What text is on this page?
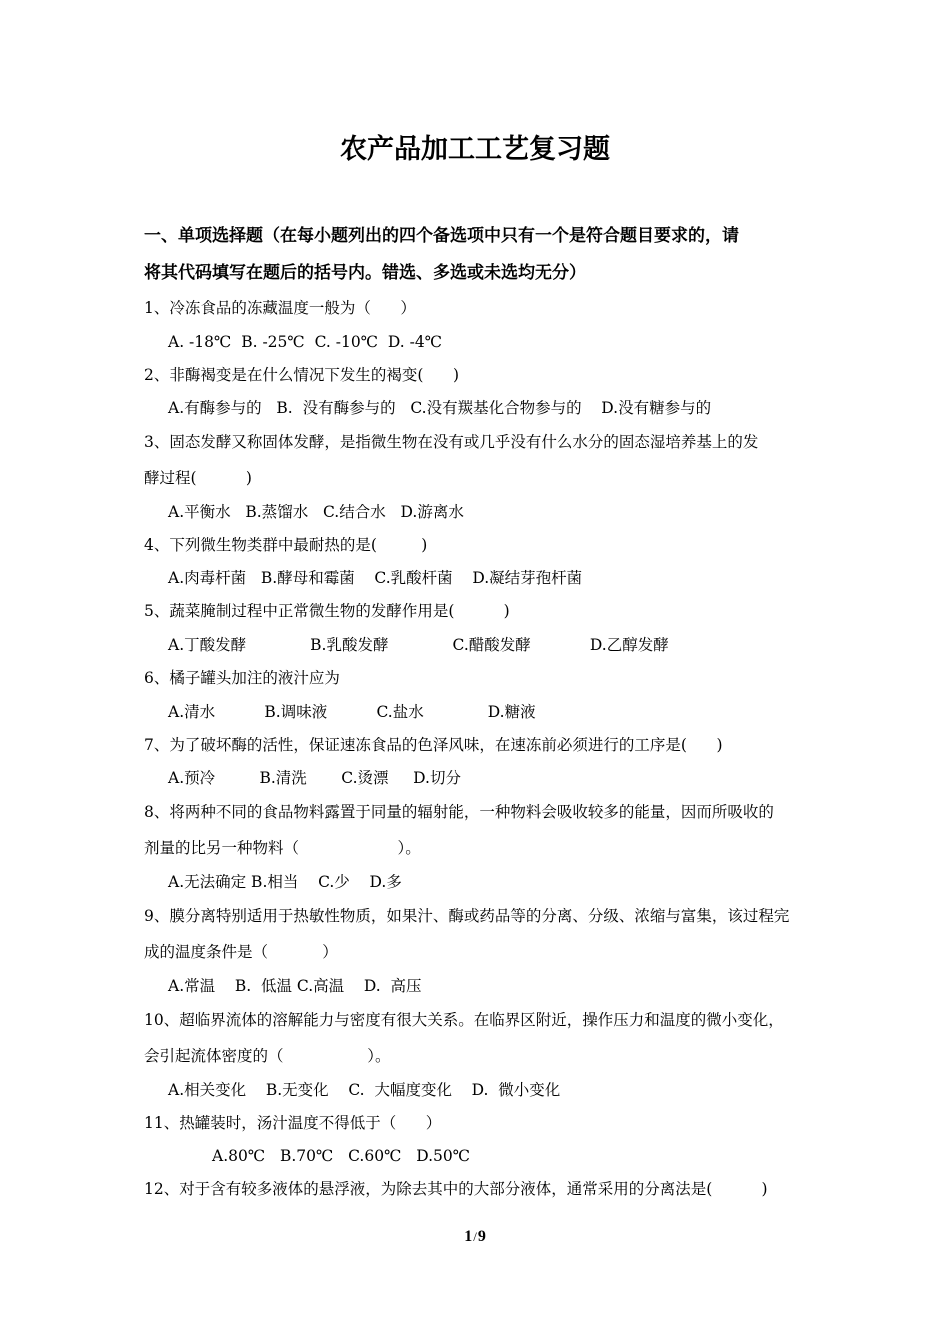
农产品加工工艺复习题
一、单项选择题（在每小题列出的四个备选项中只有一个是符合题目要求的，请
将其代码填写在题后的括号内。错选、多选或未选均无分）
1、冷冻食品的冻藏温度一般为（      ）
A. -18℃  B. -25℃  C. -10℃  D. -4℃
2、非酶褐变是在什么情况下发生的褐变(      )
A.有酶参与的   B.  没有酶参与的   C.没有羰基化合物参与的    D.没有糖参与的
3、固态发酵又称固体发酵，是指微生物在没有或几乎没有什么水分的固态湿培养基上的发
酵过程(          )
A.平衡水   B.蒸馏水   C.结合水   D.游离水
4、下列微生物类群中最耐热的是(         )
A.肉毒杆菌   B.酵母和霉菌    C.乳酸杆菌    D.凝结芽孢杆菌
5、蔬菜腌制过程中正常微生物的发酵作用是(          )
A.丁酸发酵             B.乳酸发酵             C.醋酸发酵            D.乙醇发酵
6、橘子罐头加注的液汁应为
A.清水          B.调味液          C.盐水             D.糖液
7、为了破坏酶的活性，保证速冻食品的色泽风味，在速冻前必须进行的工序是(      )
A.预冷         B.清洗       C.烫漂     D.切分
8、将两种不同的食品物料露置于同量的辐射能，一种物料会吸收较多的能量，因而所吸收的
剂量的比另一种物料（                    ）。
A.无法确定 B.相当    C.少    D.多
9、膜分离特别适用于热敏性物质，如果汁、酶或药品等的分离、分级、浓缩与富集，该过程完
成的温度条件是（           ）
A.常温    B.  低温 C.高温    D.  高压
10、超临界流体的溶解能力与密度有很大关系。在临界区附近，操作压力和温度的微小变化，
会引起流体密度的（                 ）。
A.相关变化    B.无变化    C.  大幅度变化    D.  微小变化
11、热罐装时，汤汁温度不得低于（      ）
A.80℃   B.70℃   C.60℃   D.50℃
12、对于含有较多液体的悬浮液，为除去其中的大部分液体，通常采用的分离法是(          )
1/9
